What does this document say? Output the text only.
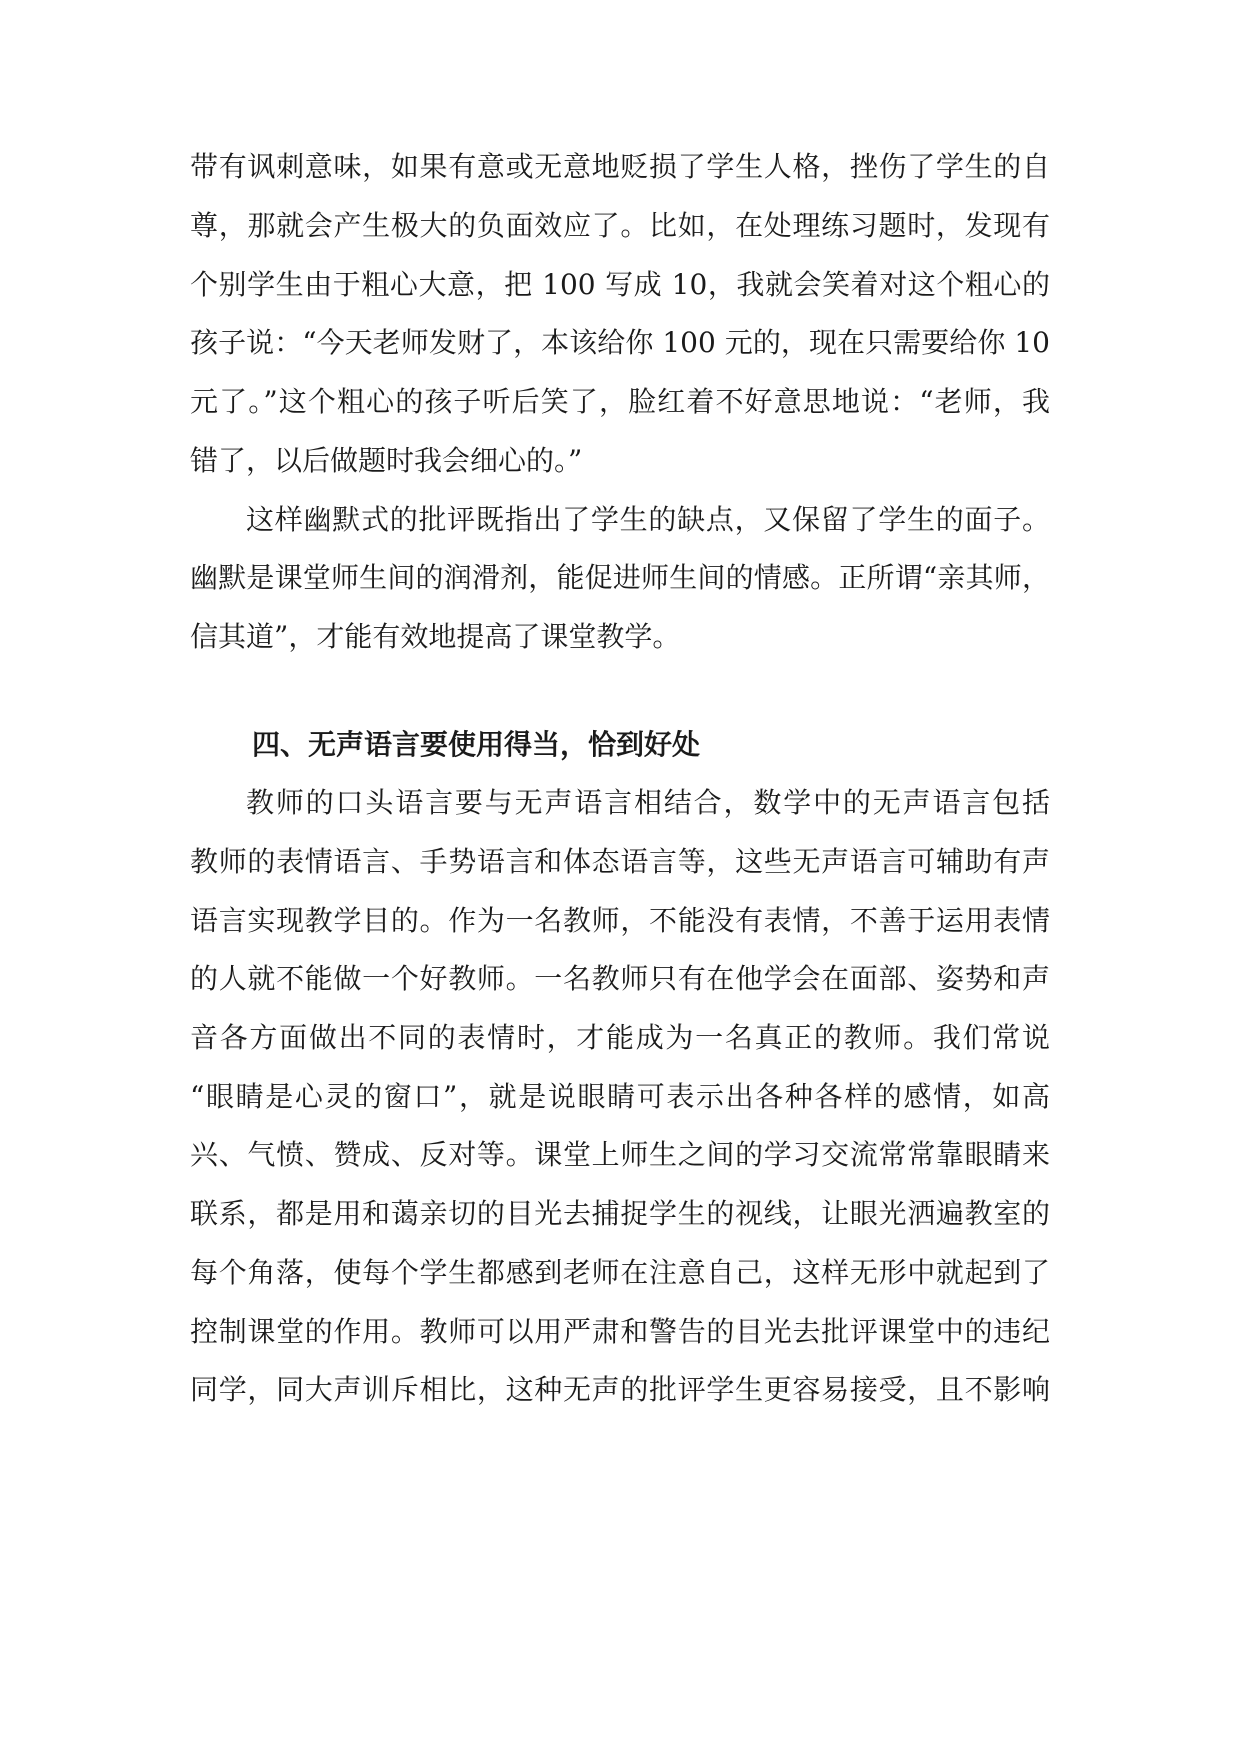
带有讽刺意味，如果有意或无意地贬损了学生人格，挫伤了学生的自
尊，那就会产生极大的负面效应了。比如，在处理练习题时，发现有
个别学生由于粗心大意，把 100 写成 10，我就会笑着对这个粗心的
孩子说：“今天老师发财了，本该给你 100 元的，现在只需要给你 10
元了。”这个粗心的孩子听后笑了，脸红着不好意思地说：“老师，我
错了，以后做题时我会细心的。”
这样幽默式的批评既指出了学生的缺点，又保留了学生的面子。
幽默是课堂师生间的润滑剂，能促进师生间的情感。正所谓“亲其师，
信其道”，才能有效地提高了课堂教学。
四、无声语言要使用得当，恰到好处
教师的口头语言要与无声语言相结合，数学中的无声语言包括
教师的表情语言、手势语言和体态语言等，这些无声语言可辅助有声
语言实现教学目的。作为一名教师，不能没有表情，不善于运用表情
的人就不能做一个好教师。一名教师只有在他学会在面部、姿势和声
音各方面做出不同的表情时，才能成为一名真正的教师。我们常说
“眼睛是心灵的窗口”，就是说眼睛可表示出各种各样的感情，如高
兴、气愤、赞成、反对等。课堂上师生之间的学习交流常常靠眼睛来
联系，都是用和蔼亲切的目光去捕捉学生的视线，让眼光洒遍教室的
每个角落，使每个学生都感到老师在注意自己，这样无形中就起到了
控制课堂的作用。教师可以用严肃和警告的目光去批评课堂中的违纪
同学，同大声训斥相比，这种无声的批评学生更容易接受，且不影响
